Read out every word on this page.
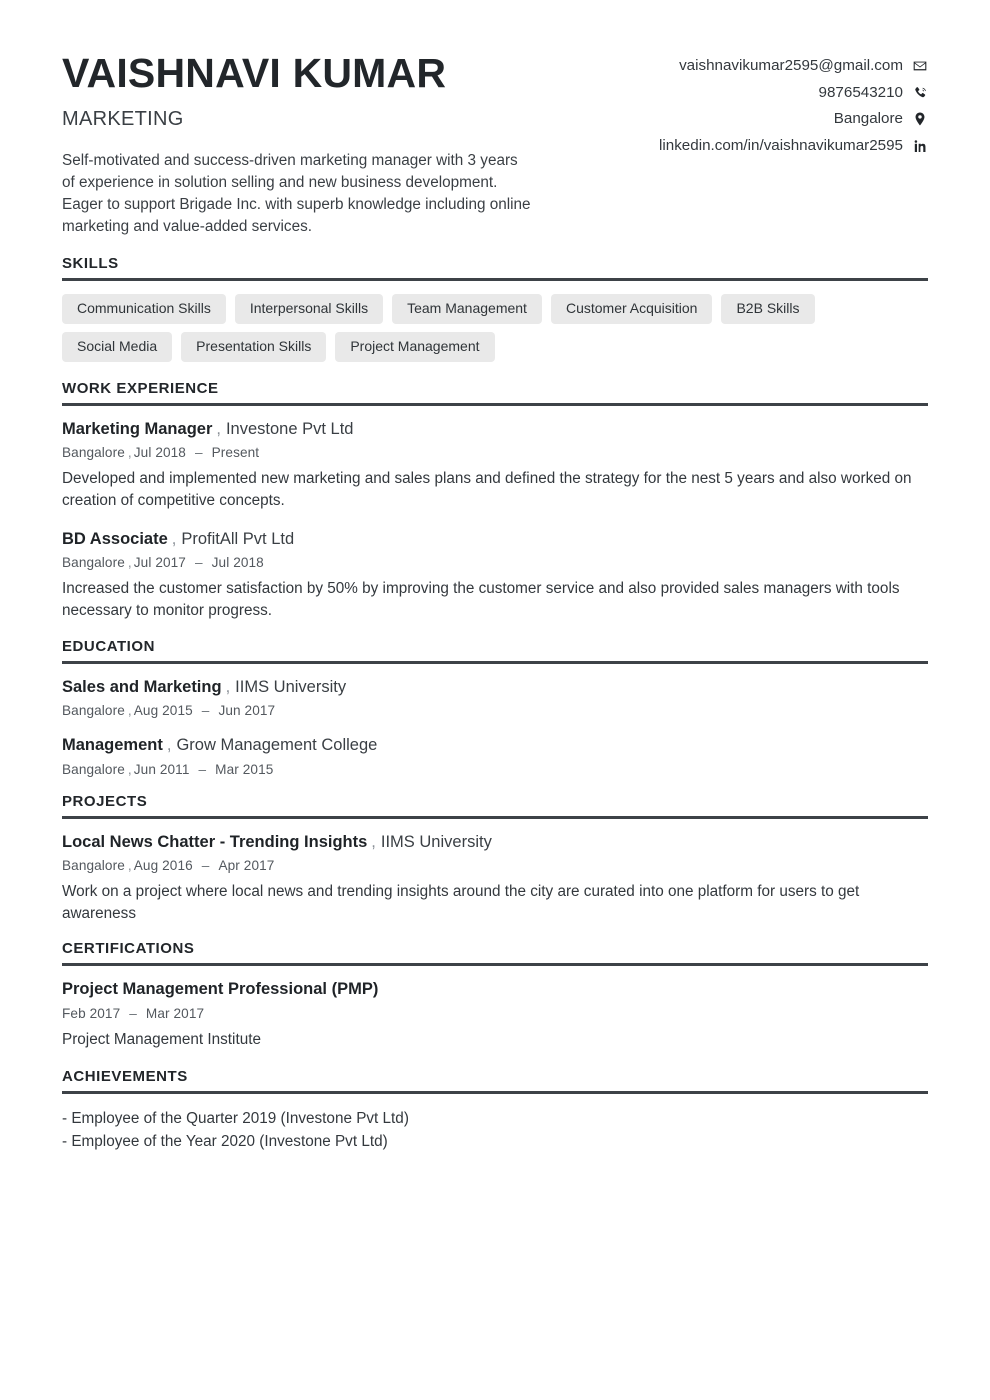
VAISHNAVI KUMAR
MARKETING
Self-motivated and success-driven marketing manager with 3 years of experience in solution selling and new business development. Eager to support Brigade Inc. with superb knowledge including online marketing and value-added services.
vaishnavikumar2595@gmail.com
9876543210
Bangalore
linkedin.com/in/vaishnavikumar2595
SKILLS
Communication Skills	Interpersonal Skills	Team Management	Customer Acquisition	B2B Skills
Social Media	Presentation Skills	Project Management
WORK EXPERIENCE
Marketing Manager , Investone Pvt Ltd
Bangalore , Jul 2018 – Present
Developed and implemented new marketing and sales plans and defined the strategy for the nest 5 years and also worked on creation of competitive concepts.
BD Associate , ProfitAll Pvt Ltd
Bangalore , Jul 2017 – Jul 2018
Increased the customer satisfaction by 50% by improving the customer service and also provided sales managers with tools necessary to monitor progress.
EDUCATION
Sales and Marketing , IIMS University
Bangalore , Aug 2015 – Jun 2017
Management , Grow Management College
Bangalore , Jun 2011 – Mar 2015
PROJECTS
Local News Chatter - Trending Insights , IIMS University
Bangalore , Aug 2016 – Apr 2017
Work on a project where local news and trending insights around the city are curated into one platform for users to get awareness
CERTIFICATIONS
Project Management Professional (PMP)
Feb 2017 – Mar 2017
Project Management Institute
ACHIEVEMENTS
- Employee of the Quarter 2019 (Investone Pvt Ltd)
- Employee of the Year 2020 (Investone Pvt Ltd)
